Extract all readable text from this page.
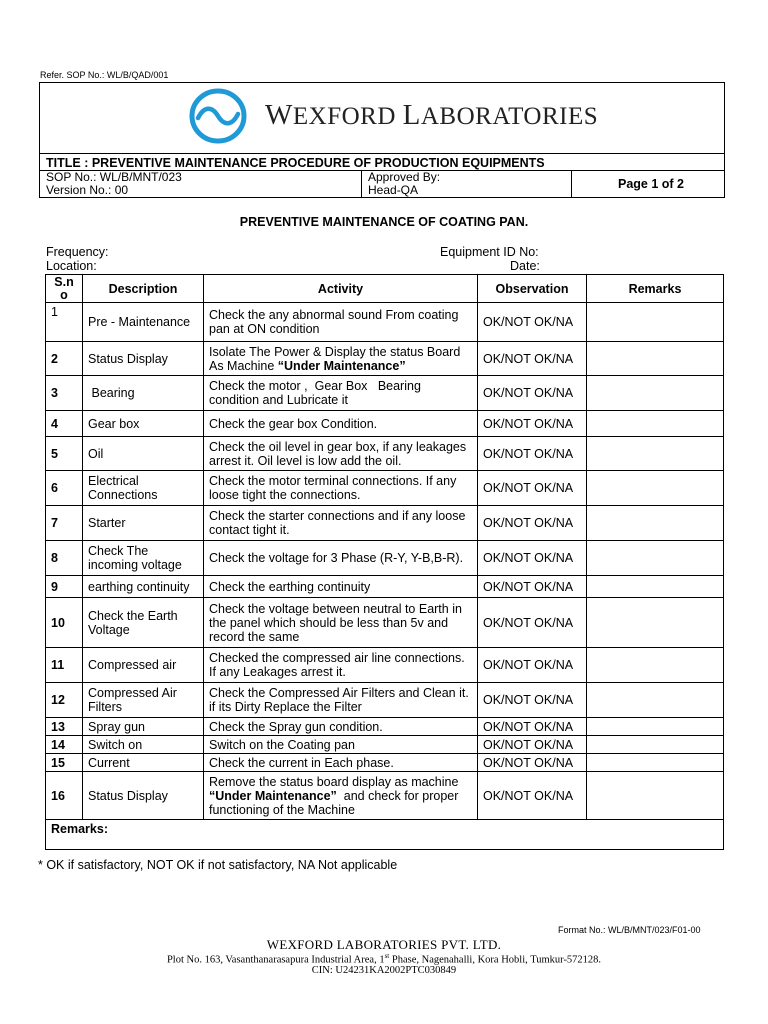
Refer. SOP No.: WL/B/QAD/001
WEXFORD LABORATORIES
TITLE : PREVENTIVE MAINTENANCE PROCEDURE OF PRODUCTION EQUIPMENTS
SOP No.: WL/B/MNT/023
Version No.: 00
Approved By:
Head-QA	Page 1 of 2
PREVENTIVE MAINTENANCE OF COATING PAN.
Frequency:
Location:
Equipment ID No:
Date:
S.n
o	Description	Activity	Observation	Remarks
1	Pre - Maintenance	Check the any abnormal sound From coating pan at ON condition	OK/NOT OK/NA	
2	Status Display	Isolate The Power & Display the status Board As Machine “Under Maintenance”	OK/NOT OK/NA	
3	Bearing	Check the motor ,  Gear Box   Bearing condition and Lubricate it	OK/NOT OK/NA	
4	Gear box	Check the gear box Condition.	OK/NOT OK/NA	
5	Oil	Check the oil level in gear box, if any leakages arrest it. Oil level is low add the oil.	OK/NOT OK/NA	
6	Electrical Connections	Check the motor terminal connections. If any loose tight the connections.	OK/NOT OK/NA	
7	Starter	Check the starter connections and if any loose contact tight it.	OK/NOT OK/NA	
8	Check The incoming voltage	Check the voltage for 3 Phase (R-Y, Y-B,B-R).	OK/NOT OK/NA	
9	earthing continuity	Check the earthing continuity	OK/NOT OK/NA	
10	Check the Earth Voltage	Check the voltage between neutral to Earth in the panel which should be less than 5v and record the same	OK/NOT OK/NA	
11	Compressed air	Checked the compressed air line connections. If any Leakages arrest it.	OK/NOT OK/NA	
12	Compressed Air Filters	Check the Compressed Air Filters and Clean it. if its Dirty Replace the Filter	OK/NOT OK/NA	
13	Spray gun	Check the Spray gun condition.	OK/NOT OK/NA	
14	Switch on	Switch on the Coating pan	OK/NOT OK/NA	
15	Current	Check the current in Each phase.	OK/NOT OK/NA	
16	Status Display	Remove the status board display as machine “Under Maintenance”  and check for proper functioning of the Machine	OK/NOT OK/NA	
Remarks:				
* OK if satisfactory, NOT OK if not satisfactory, NA Not applicable
Format No.: WL/B/MNT/023/F01-00
WEXFORD LABORATORIES PVT. LTD.
Plot No. 163, Vasanthanarasapura Industrial Area, 1st Phase, Nagenahalli, Kora Hobli, Tumkur-572128.
CIN: U24231KA2002PTC030849
